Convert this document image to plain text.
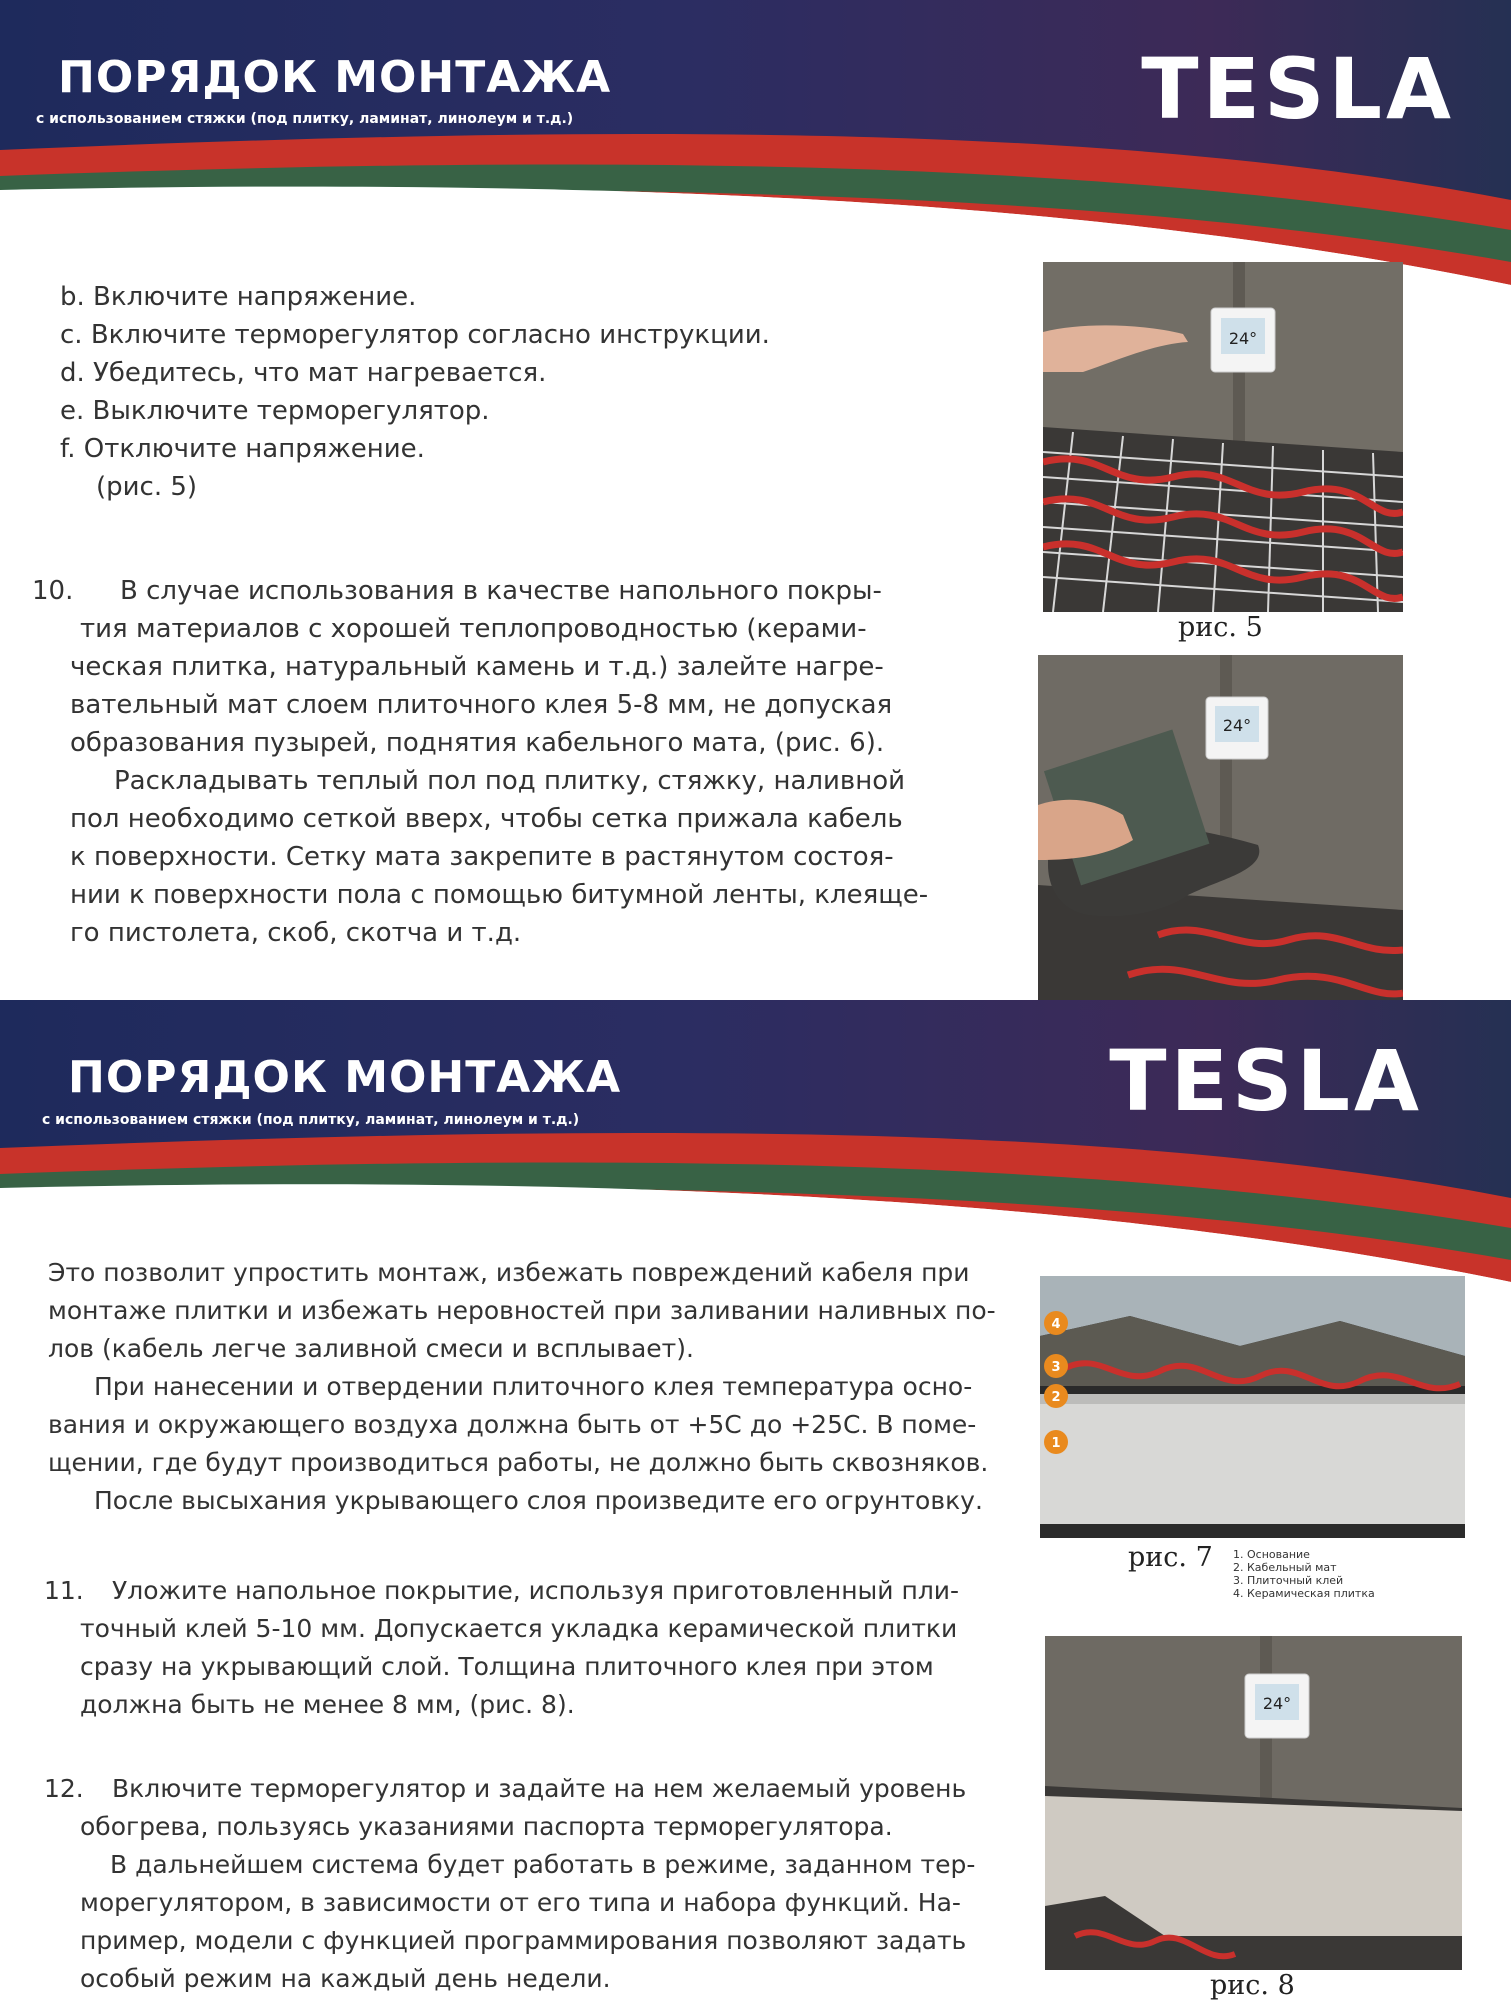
ПОРЯДОК МОНТАЖА
с использованием стяжки (под плитку, ламинат, линолеум и т.д.)	TESLA
b. Включите напряжение.
c. Включите терморегулятор согласно инструкции.
d. Убедитесь, что мат нагревается.
e. Выключите терморегулятор.
f. Отключите напряжение.
(рис. 5)
10.	В случае использования в качестве напольного покры-
тия материалов с хорошей теплопроводностью (керами-
ческая плитка, натуральный камень и т.д.) залейте нагре-
вательный мат слоем плиточного клея 5-8 мм, не допуская
образования пузырей, поднятия кабельного мата, (рис. 6).
Раскладывать теплый пол под плитку, стяжку, наливной
пол необходимо сеткой вверх, чтобы сетка прижала кабель
к поверхности. Сетку мата закрепите в растянутом состоя-
нии к поверхности пола с помощью битумной ленты, клеяще-
го пистолета, скоб, скотча и т.д.
24°
рис. 5
24°
ПОРЯДОК МОНТАЖА
с использованием стяжки (под плитку, ламинат, линолеум и т.д.)	TESLA
Это позволит упростить монтаж, избежать повреждений кабеля при
монтаже плитки и избежать неровностей при заливании наливных по-
лов (кабель легче заливной смеси и всплывает).
При нанесении и отвердении плиточного клея температура осно-
вания и окружающего воздуха должна быть от +5С до +25С. В поме-
щении, где будут производиться работы, не должно быть сквозняков.
После высыхания укрывающего слоя произведите его огрунтовку.
11.	Уложите напольное покрытие, используя приготовленный пли-
точный клей 5-10 мм. Допускается укладка керамической плитки
сразу на укрывающий слой. Толщина плиточного клея при этом
должна быть не менее 8 мм, (рис. 8).
12.	Включите терморегулятор и задайте на нем желаемый уровень
обогрева, пользуясь указаниями паспорта терморегулятора.
В дальнейшем система будет работать в режиме, заданном тер-
морегулятором, в зависимости от его типа и набора функций. На-
пример, модели с функцией программирования позволяют задать
особый режим на каждый день недели.
4
3
2
1
рис. 7 1. Основание
2. Кабельный мат
3. Плиточный клей
4. Керамическая плитка
24°
рис. 8
